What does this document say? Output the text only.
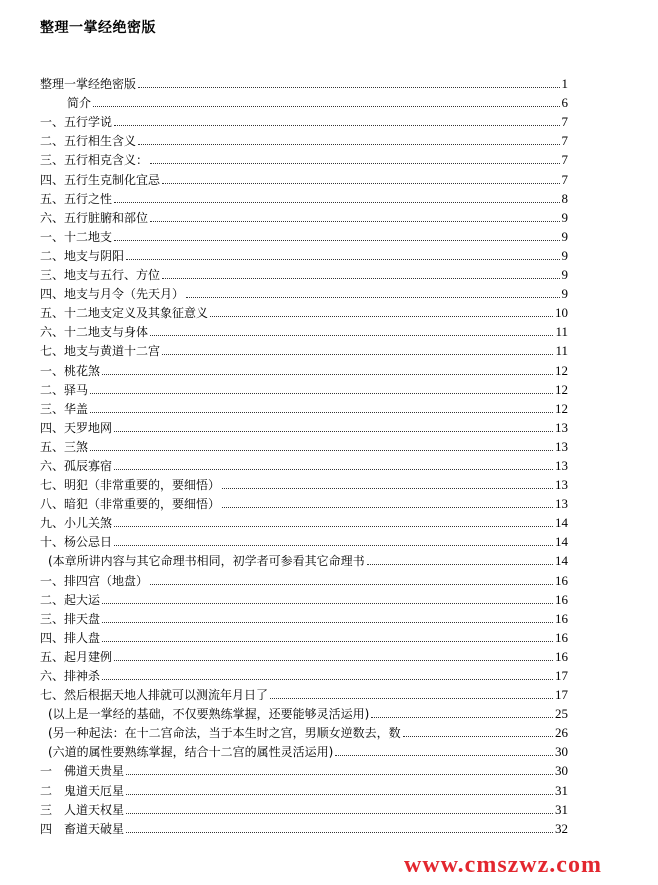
整理一掌经绝密版
整理一掌经绝密版	1
简介	6
一、五行学说	7
二、五行相生含义	7
三、五行相克含义：	7
四、五行生克制化宜忌	7
五、五行之性	8
六、五行脏腑和部位	9
一、十二地支	9
二、地支与阴阳	9
三、地支与五行、方位	9
四、地支与月令（先天月）	9
五、十二地支定义及其象征意义	10
六、十二地支与身体	11
七、地支与黄道十二宫	11
一、桃花煞	12
二、驿马	12
三、华盖	12
四、天罗地网	13
五、三煞	13
六、孤辰寡宿	13
七、明犯（非常重要的，要细悟）	13
八、暗犯（非常重要的，要细悟）	13
九、小儿关煞	14
十、杨公忌日	14
(本章所讲内容与其它命理书相同，初学者可参看其它命理书	14
一、排四宫（地盘）	16
二、起大运	16
三、排天盘	16
四、排人盘	16
五、起月建例	16
六、排神杀	17
七、然后根据天地人排就可以测流年月日了	17
(以上是一掌经的基础，不仅要熟练掌握，还要能够灵活运用)	25
(另一种起法：在十二宫命法，当于本生时之宫，男顺女逆数去，数	26
(六道的属性要熟练掌握，结合十二宫的属性灵活运用)	30
一　佛道天贵星	30
二　鬼道天厄星	31
三　人道天权星	31
四　畜道天破星	32
www.cmszwz.com
